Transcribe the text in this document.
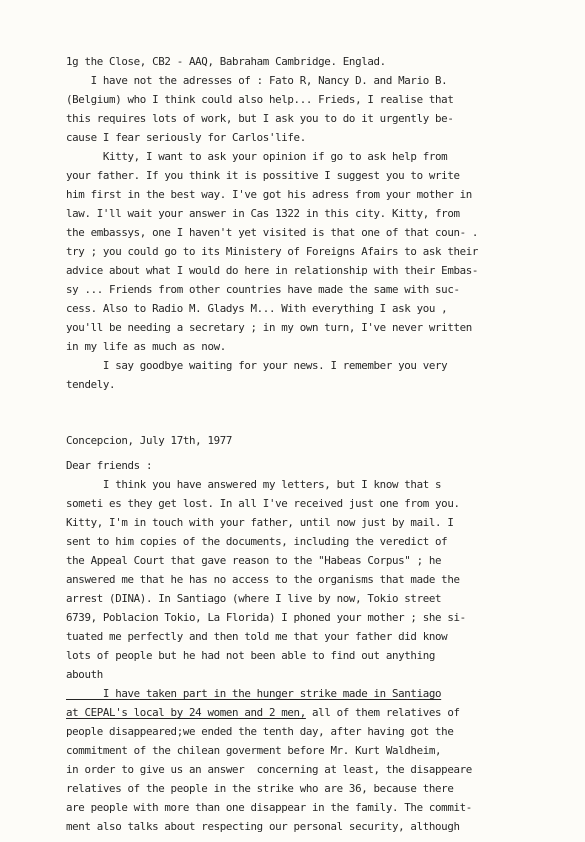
1g the Close, CB2 - AAQ, Babraham Cambridge. Englad.
I have not the adresses of : Fato R, Nancy D. and Mario B.
(Belgium) who I think could also help... Frieds, I realise that
this requires lots of work, but I ask you to do it urgently be-
cause I fear seriously for Carlos'life.
Kitty, I want to ask your opinion if go to ask help from
your father. If you think it is possitive I suggest you to write
him first in the best way. I've got his adress from your mother in
law. I'll wait your answer in Cas 1322 in this city. Kitty, from
the embassys, one I haven't yet visited is that one of that coun- .
try ; you could go to its Ministery of Foreigns Afairs to ask their
advice about what I would do here in relationship with their Embas-
sy ... Friends from other countries have made the same with suc-
cess. Also to Radio M. Gladys M... With everything I ask you ,
you'll be needing a secretary ; in my own turn, I've never written
in my life as much as now.
I say goodbye waiting for your news. I remember you very
tendely.
Concepcion, July 17th, 1977
Dear friends :
I think you have answered my letters, but I know that s
someti es they get lost. In all I've received just one from you.
Kitty, I'm in touch with your father, until now just by mail. I
sent to him copies of the documents, including the veredict of
the Appeal Court that gave reason to the "Habeas Corpus" ; he
answered me that he has no access to the organisms that made the
arrest (DINA). In Santiago (where I live by now, Tokio street
6739, Poblacion Tokio, La Florida) I phoned your mother ; she si-
tuated me perfectly and then told me that your father did know
lots of people but he had not been able to find out anything
abouth
I have taken part in the hunger strike made in Santiago
at CEPAL's local by 24 women and 2 men, all of them relatives of
people disappeared;we ended the tenth day, after having got the
commitment of the chilean goverment before Mr. Kurt Waldheim,
in order to give us an answer  concerning at least, the disappeare
relatives of the people in the strike who are 36, because there
are people with more than one disappear in the family. The commit-
ment also talks about respecting our personal security, although
